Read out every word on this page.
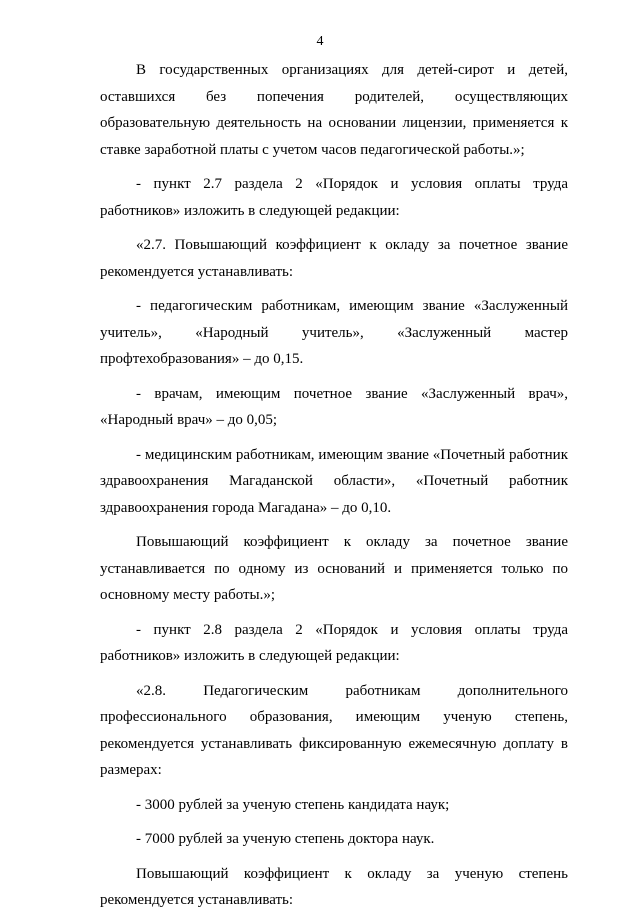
4

В государственных организациях для детей-сирот и детей, оставшихся без попечения родителей, осуществляющих образовательную деятельность на основании лицензии, применяется к ставке заработной платы с учетом часов педагогической работы.»;

- пункт 2.7 раздела 2 «Порядок и условия оплаты труда работников» изложить в следующей редакции:

«2.7. Повышающий коэффициент к окладу за почетное звание рекомендуется устанавливать:

- педагогическим работникам, имеющим звание «Заслуженный учитель», «Народный учитель», «Заслуженный мастер профтехобразования» – до 0,15.

- врачам, имеющим почетное звание «Заслуженный врач», «Народный врач» – до 0,05;

- медицинским работникам, имеющим звание «Почетный работник здравоохранения Магаданской области», «Почетный работник здравоохранения города Магадана» – до 0,10.

Повышающий коэффициент к окладу за почетное звание устанавливается по одному из оснований и применяется только по основному месту работы.»;

- пункт 2.8 раздела 2 «Порядок и условия оплаты труда работников» изложить в следующей редакции:

«2.8. Педагогическим работникам дополнительного профессионального образования, имеющим ученую степень, рекомендуется устанавливать фиксированную ежемесячную доплату в размерах:

- 3000 рублей за ученую степень кандидата наук;

- 7000 рублей за ученую степень доктора наук.

Повышающий коэффициент к окладу за ученую степень рекомендуется устанавливать:
